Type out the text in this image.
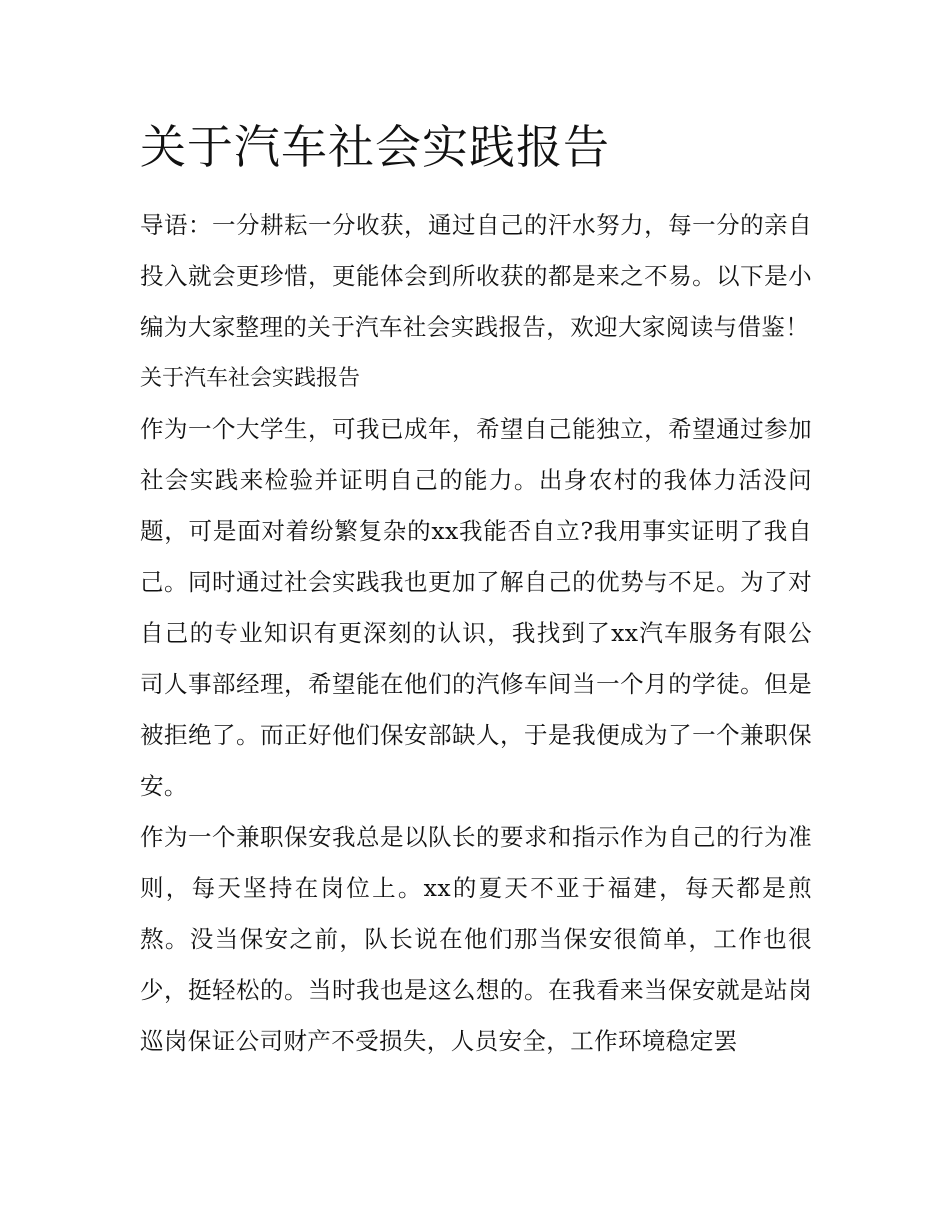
关于汽车社会实践报告

导语：一分耕耘一分收获，通过自己的汗水努力，每一分的亲自投入就会更珍惜，更能体会到所收获的都是来之不易。以下是小编为大家整理的关于汽车社会实践报告，欢迎大家阅读与借鉴！

关于汽车社会实践报告

作为一个大学生，可我已成年，希望自己能独立，希望通过参加社会实践来检验并证明自己的能力。出身农村的我体力活没问题，可是面对着纷繁复杂的xx我能否自立?我用事实证明了我自己。同时通过社会实践我也更加了解自己的优势与不足。为了对自己的专业知识有更深刻的认识，我找到了xx汽车服务有限公司人事部经理，希望能在他们的汽修车间当一个月的学徒。但是被拒绝了。而正好他们保安部缺人，于是我便成为了一个兼职保安。

作为一个兼职保安我总是以队长的要求和指示作为自己的行为准则，每天坚持在岗位上。xx的夏天不亚于福建，每天都是煎熬。没当保安之前，队长说在他们那当保安很简单，工作也很少，挺轻松的。当时我也是这么想的。在我看来当保安就是站岗巡岗保证公司财产不受损失，人员安全，工作环境稳定罢
